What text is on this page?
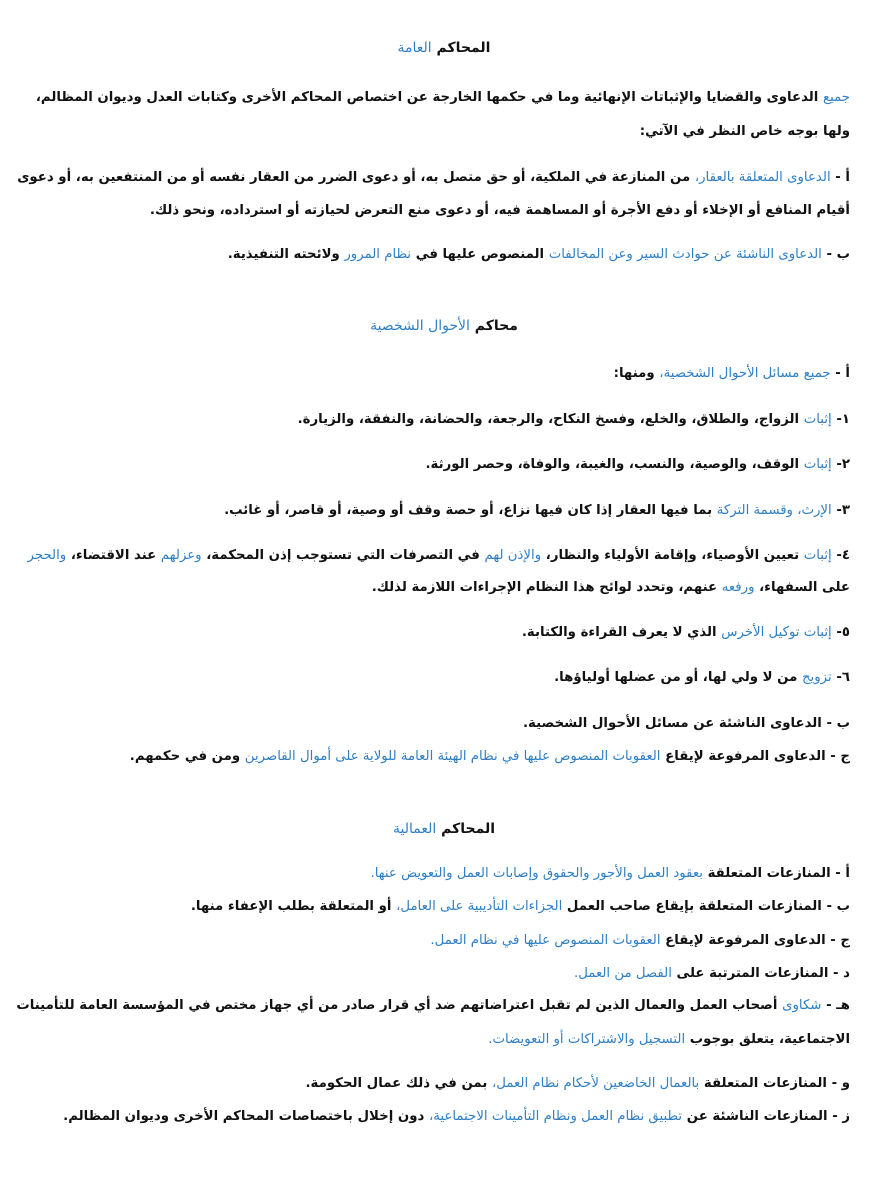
المحاكم العامة
جميع الدعاوى والقضايا والإثباتات الإنهائية وما في حكمها الخارجة عن اختصاص المحاكم الأخرى وكتابات العدل وديوان المظالم،
ولها بوجه خاص النظر في الآتي:
أ - الدعاوى المتعلقة بالعقار، من المنازعة في الملكية، أو حق متصل به، أو دعوى الضرر من العقار نفسه أو من المنتفعين به، أو دعوى
أقيام المنافع أو الإخلاء أو دفع الأجرة أو المساهمة فيه، أو دعوى منع التعرض لحيازته أو استرداده، ونحو ذلك.
ب - الدعاوى الناشئة عن حوادث السير وعن المخالفات المنصوص عليها في نظام المرور ولائحته التنفيذية.
محاكم الأحوال الشخصية
أ - جميع مسائل الأحوال الشخصية، ومنها:
١- إثبات الزواج، والطلاق، والخلع، وفسخ النكاح، والرجعة، والحضانة، والنفقة، والزيارة.
٢- إثبات الوقف، والوصية، والنسب، والغيبة، والوفاة، وحصر الورثة.
٣- الإرث، وقسمة التركة بما فيها العقار إذا كان فيها نزاع، أو حصة وقف أو وصية، أو قاصر، أو غائب.
٤- إثبات تعيين الأوصياء، وإقامة الأولياء والنظار، والإذن لهم في التصرفات التي تستوجب إذن المحكمة، وعزلهم عند الاقتضاء، والحجر
على السفهاء، ورفعه عنهم، وتحدد لوائح هذا النظام الإجراءات اللازمة لذلك.
٥- إثبات توكيل الأخرس الذي لا يعرف القراءة والكتابة.
٦- تزويج من لا ولي لها، أو من عضلها أولياؤها.
ب - الدعاوى الناشئة عن مسائل الأحوال الشخصية.
ج - الدعاوى المرفوعة لإيقاع العقوبات المنصوص عليها في نظام الهيئة العامة للولاية على أموال القاصرين ومن في حكمهم.
المحاكم العمالية
أ - المنازعات المتعلقة بعقود العمل والأجور والحقوق وإصابات العمل والتعويض عنها.
ب - المنازعات المتعلقة بإيقاع صاحب العمل الجزاءات التأديبية على العامل، أو المتعلقة بطلب الإعفاء منها.
ج - الدعاوى المرفوعة لإيقاع العقوبات المنصوص عليها في نظام العمل.
د - المنازعات المترتبة على الفصل من العمل.
هـ - شكاوى أصحاب العمل والعمال الذين لم تقبل اعتراضاتهم ضد أي قرار صادر من أي جهاز مختص في المؤسسة العامة للتأمينات
الاجتماعية، يتعلق بوجوب التسجيل والاشتراكات أو التعويضات.
و - المنازعات المتعلقة بالعمال الخاضعين لأحكام نظام العمل، بمن في ذلك عمال الحكومة.
ز - المنازعات الناشئة عن تطبيق نظام العمل ونظام التأمينات الاجتماعية، دون إخلال باختصاصات المحاكم الأخرى وديوان المظالم.
